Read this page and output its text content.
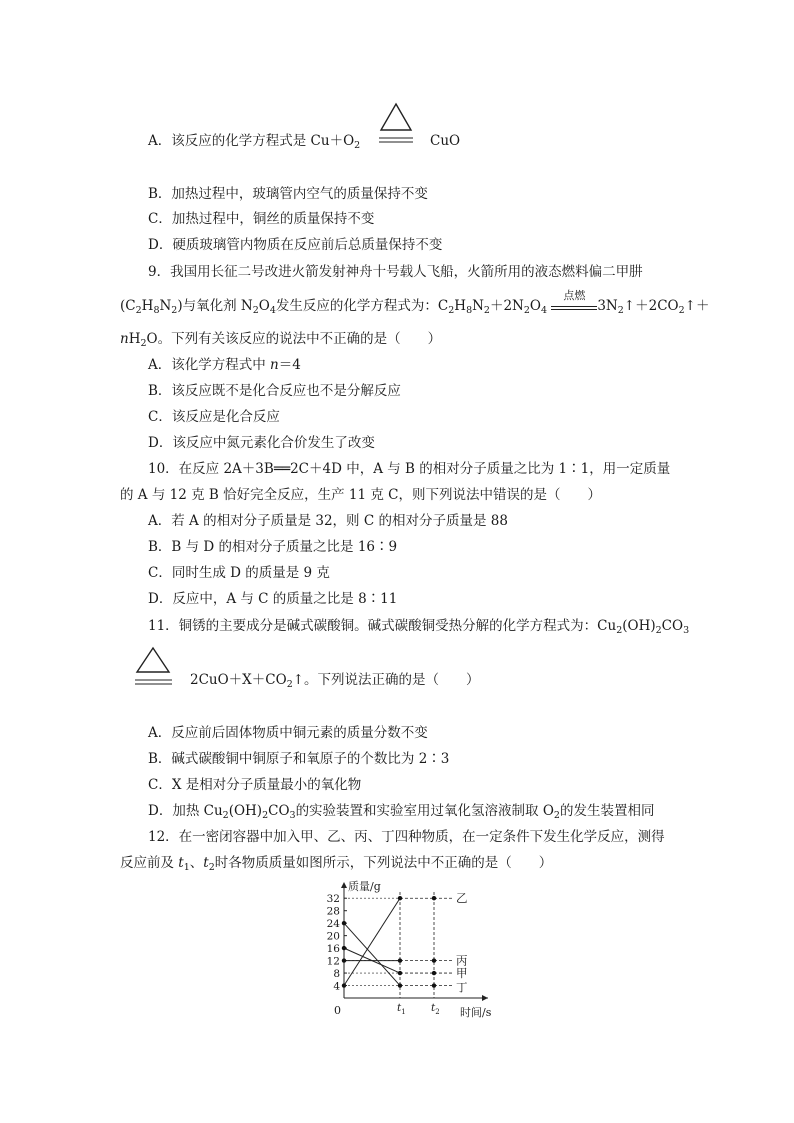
A．该反应的化学方程式是 $Cu+O_2$	CuO
B．加热过程中，玻璃管内空气的质量保持不变
C．加热过程中，铜丝的质量保持不变
D．硬质玻璃管内物质在反应前后总质量保持不变
9．我国用长征二号改进火箭发射神舟十号载人飞船，火箭所用的液态燃料偏二甲肼
$(C_2H_8N_2)$与氧化剂 $N_2O_4$发生反应的化学方程式为：$C_2H_8N_2+2N_2O_4$
点燃
$3N_2↑+2CO_2↑+$
$nH_2O$。下列有关该反应的说法中不正确的是（　　）
A．该化学方程式中 n＝4
B．该反应既不是化合反应也不是分解反应
C．该反应是化合反应
D．该反应中氮元素化合价发生了改变
10．在反应 2A＋3B══2C＋4D 中，A 与 B 的相对分子质量之比为 1∶1，用一定质量
的 A 与 12 克 B 恰好完全反应，生产 11 克 C，则下列说法中错误的是（　　）
A．若 A 的相对分子质量是 32，则 C 的相对分子质量是 88
B．B 与 D 的相对分子质量之比是 16∶9
C．同时生成 D 的质量是 9 克
D．反应中，A 与 C 的质量之比是 8∶11
11．铜锈的主要成分是碱式碳酸铜。碱式碳酸铜受热分解的化学方程式为：$Cu_2(OH)_2CO_3$
$2CuO+X+CO_2↑$。下列说法正确的是（　　）
A．反应前后固体物质中铜元素的质量分数不变
B．碱式碳酸铜中铜原子和氧原子的个数比为 2∶3
C．X 是相对分子质量最小的氧化物
D．加热 $Cu_2(OH)_2CO_3$的实验装置和实验室用过氧化氢溶液制取 $O_2$的发生装置相同
12．在一密闭容器中加入甲、乙、丙、丁四种物质，在一定条件下发生化学反应，测得
反应前及 $t_1$、$t_2$时各物质质量如图所示，下列说法中不正确的是（　　）
质量/g
时间/s
0
4
8
12
16
20
24
28
32
$t_1$ $t_2$
乙
丙
甲
丁
